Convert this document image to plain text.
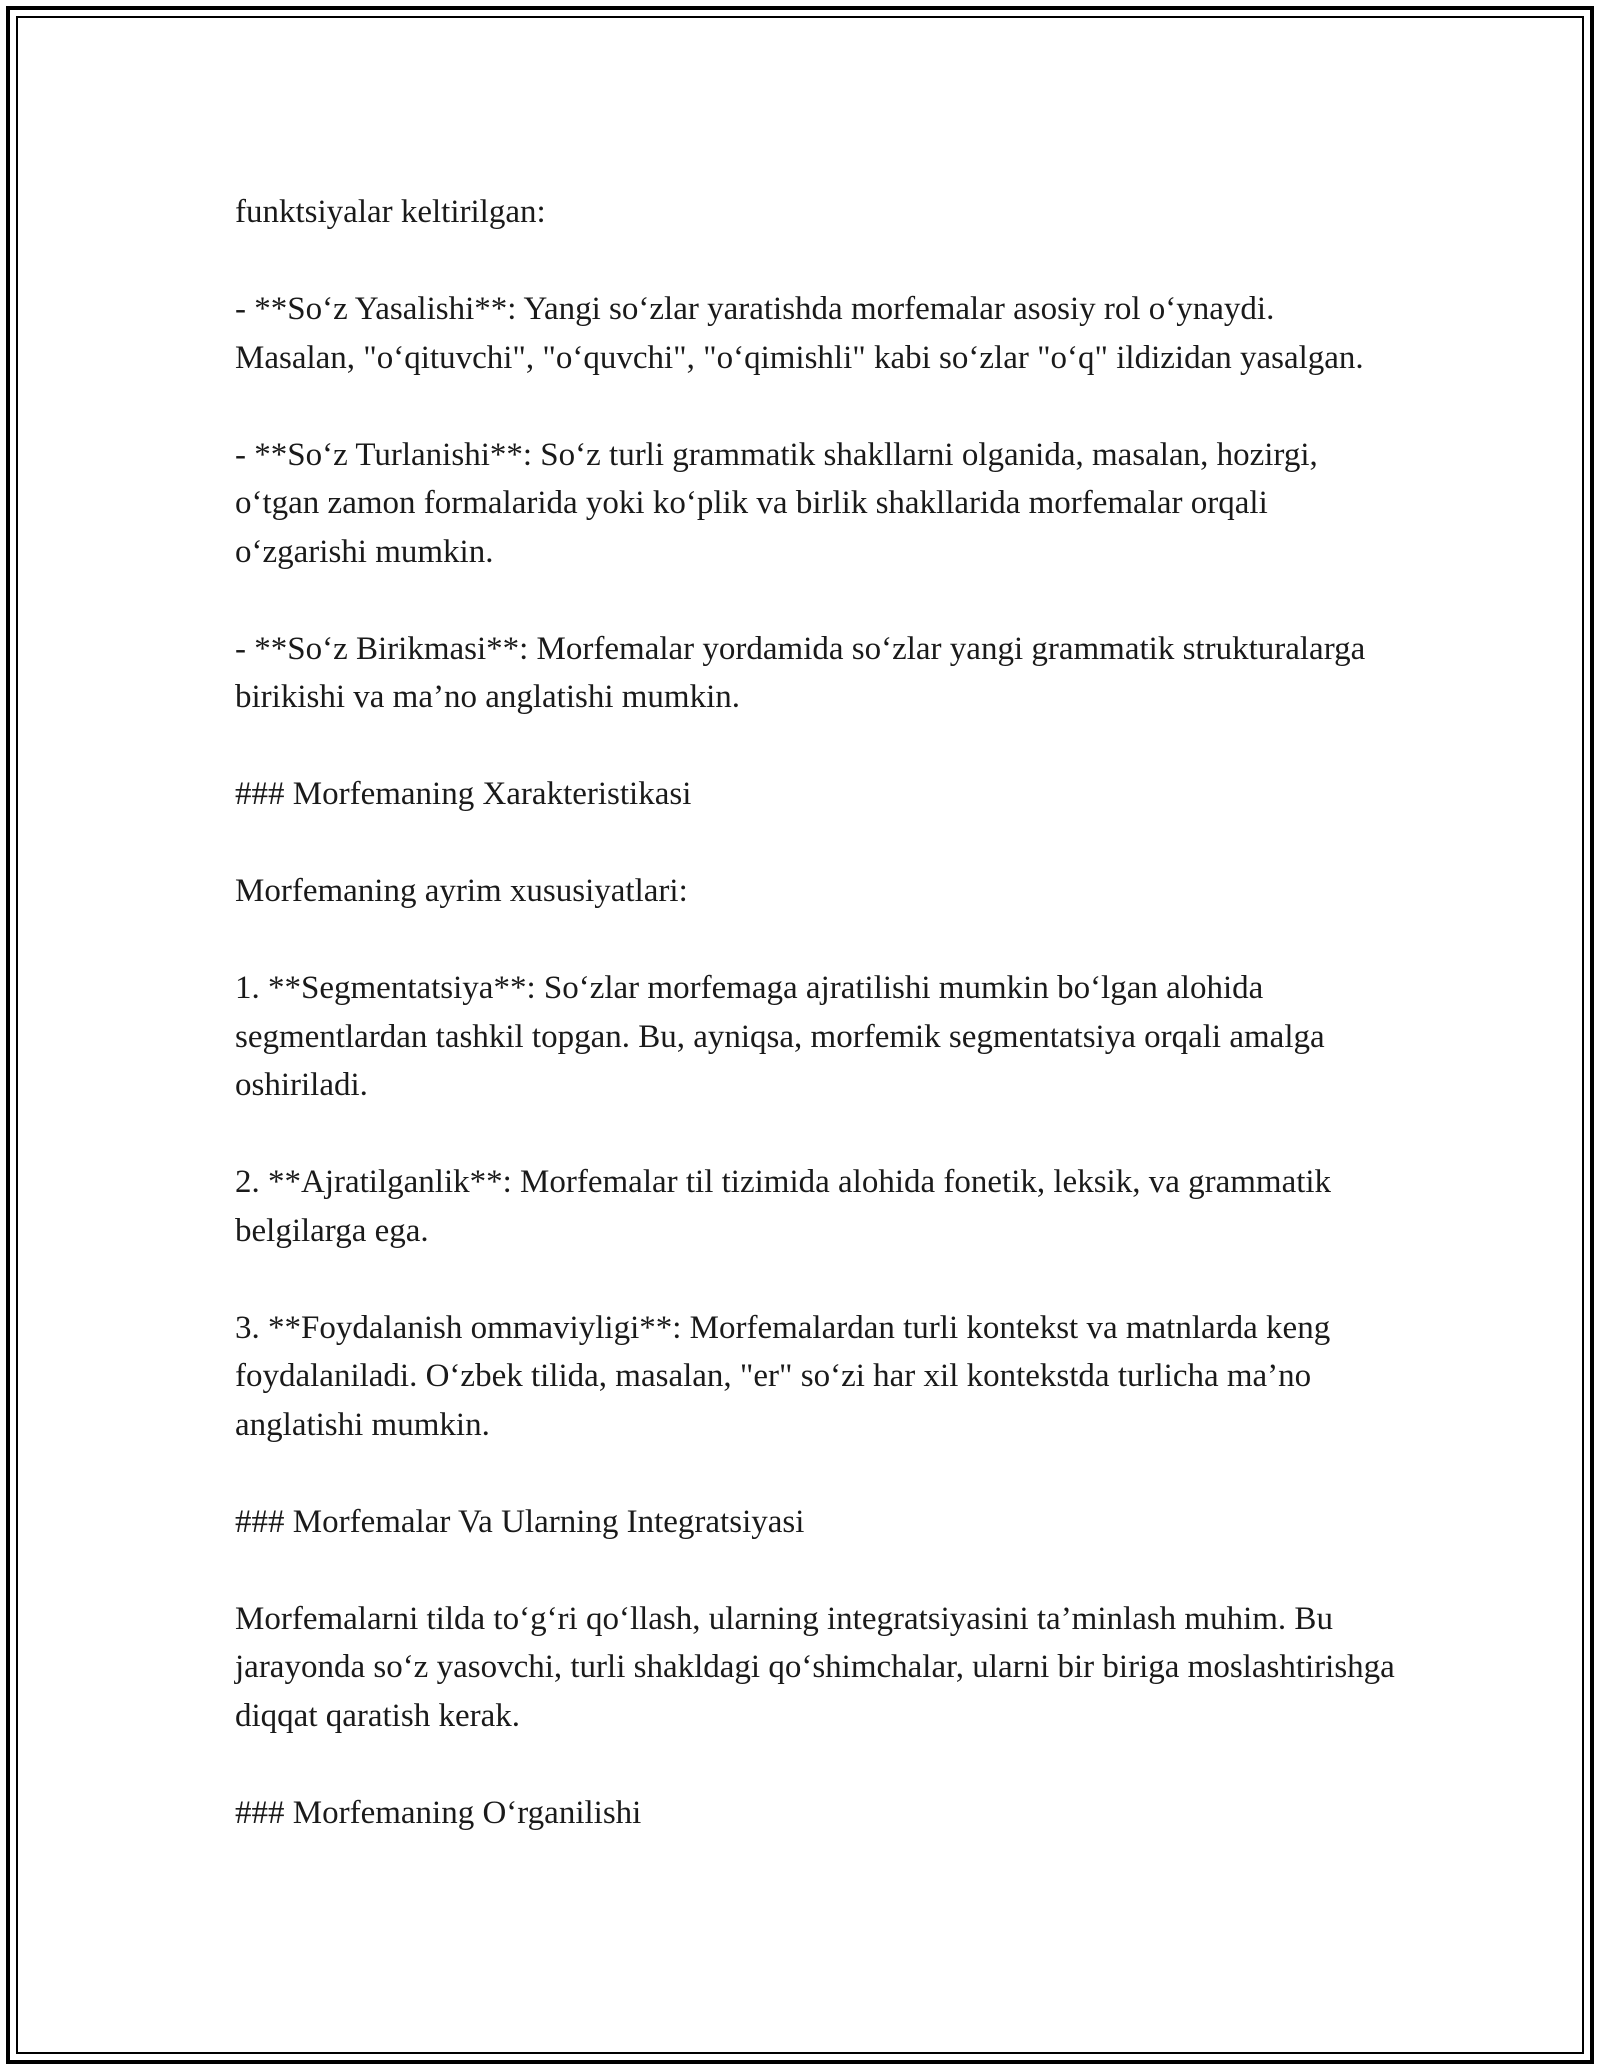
funktsiyalar keltirilgan:

- **So‘z Yasalishi**: Yangi so‘zlar yaratishda morfemalar asosiy rol o‘ynaydi. Masalan, "o‘qituvchi", "o‘quvchi", "o‘qimishli" kabi so‘zlar "o‘q" ildizidan yasalgan.

- **So‘z Turlanishi**: So‘z turli grammatik shakllarni olganida, masalan, hozirgi, o‘tgan zamon formalarida yoki ko‘plik va birlik shakllarida morfemalar orqali o‘zgarishi mumkin.

- **So‘z Birikmasi**: Morfemalar yordamida so‘zlar yangi grammatik strukturalarga birikishi va ma’no anglatishi mumkin.

### Morfemaning Xarakteristikasi

Morfemaning ayrim xususiyatlari:

1. **Segmentatsiya**: So‘zlar morfemaga ajratilishi mumkin bo‘lgan alohida segmentlardan tashkil topgan. Bu, ayniqsa, morfemik segmentatsiya orqali amalga oshiriladi.

2. **Ajratilganlik**: Morfemalar til tizimida alohida fonetik, leksik, va grammatik belgilarga ega.

3. **Foydalanish ommaviyligi**: Morfemalardan turli kontekst va matnlarda keng foydalaniladi. O‘zbek tilida, masalan, "er" so‘zi har xil kontekstda turlicha ma’no anglatishi mumkin.

### Morfemalar Va Ularning Integratsiyasi

Morfemalarni tilda to‘g‘ri qo‘llash, ularning integratsiyasini ta’minlash muhim. Bu jarayonda so‘z yasovchi, turli shakldagi qo‘shimchalar, ularni bir biriga moslashtirishga diqqat qaratish kerak.

### Morfemaning O‘rganilishi
